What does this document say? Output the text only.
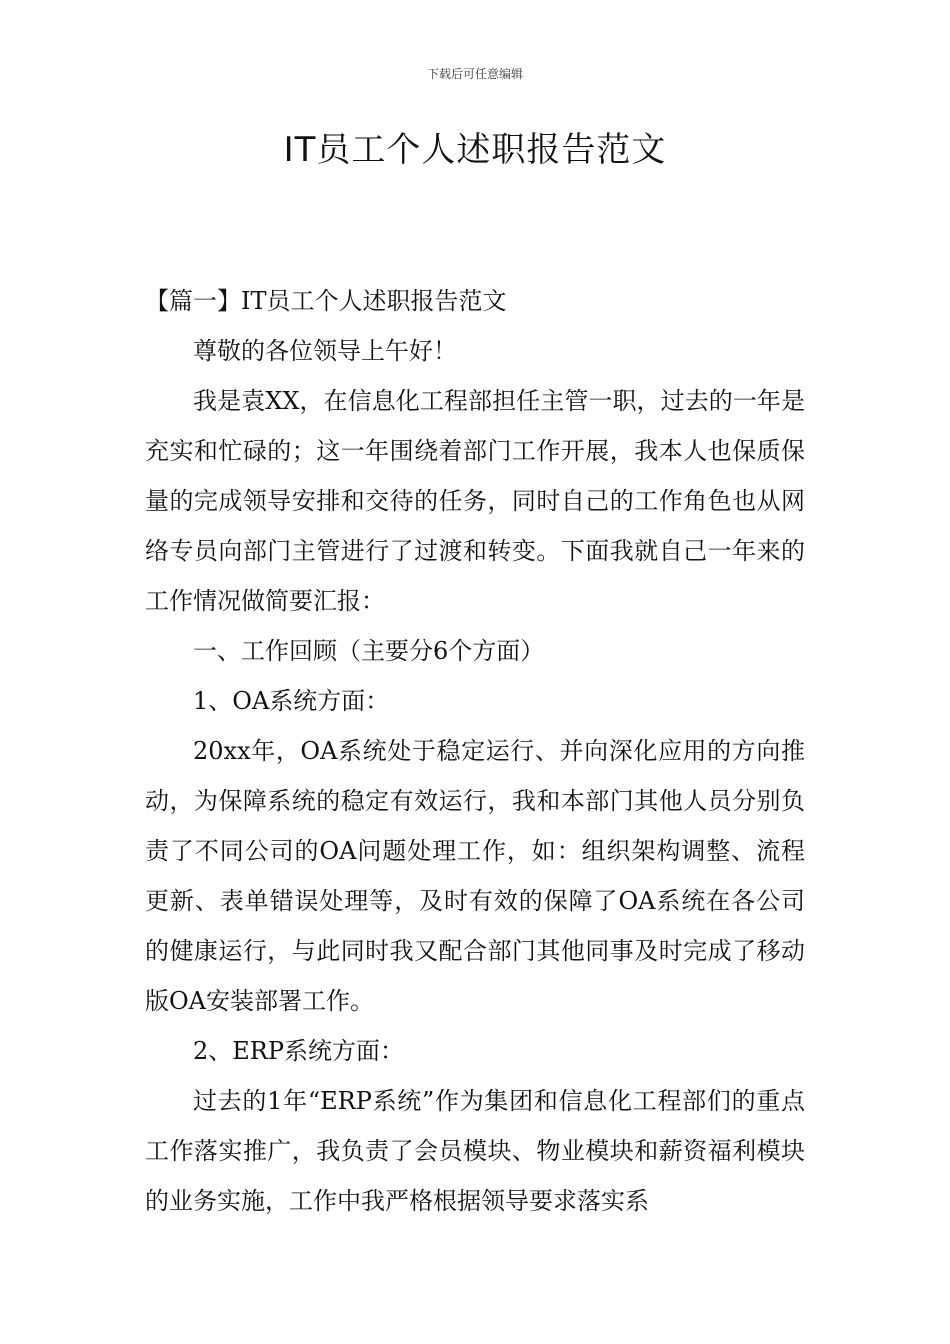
下载后可任意编辑
IT员工个人述职报告范文

【篇一】IT员工个人述职报告范文

尊敬的各位领导上午好！

我是袁XX，在信息化工程部担任主管一职，过去的一年是充实和忙碌的；这一年围绕着部门工作开展，我本人也保质保量的完成领导安排和交待的任务，同时自己的工作角色也从网络专员向部门主管进行了过渡和转变。下面我就自己一年来的工作情况做简要汇报：

一、工作回顾（主要分6个方面）

1、OA系统方面：

20xx年，OA系统处于稳定运行、并向深化应用的方向推动，为保障系统的稳定有效运行，我和本部门其他人员分别负责了不同公司的OA问题处理工作，如：组织架构调整、流程更新、表单错误处理等，及时有效的保障了OA系统在各公司的健康运行，与此同时我又配合部门其他同事及时完成了移动版OA安装部署工作。

2、ERP系统方面：

过去的1年“ERP系统”作为集团和信息化工程部们的重点工作落实推广，我负责了会员模块、物业模块和薪资福利模块的业务实施，工作中我严格根据领导要求落实系
